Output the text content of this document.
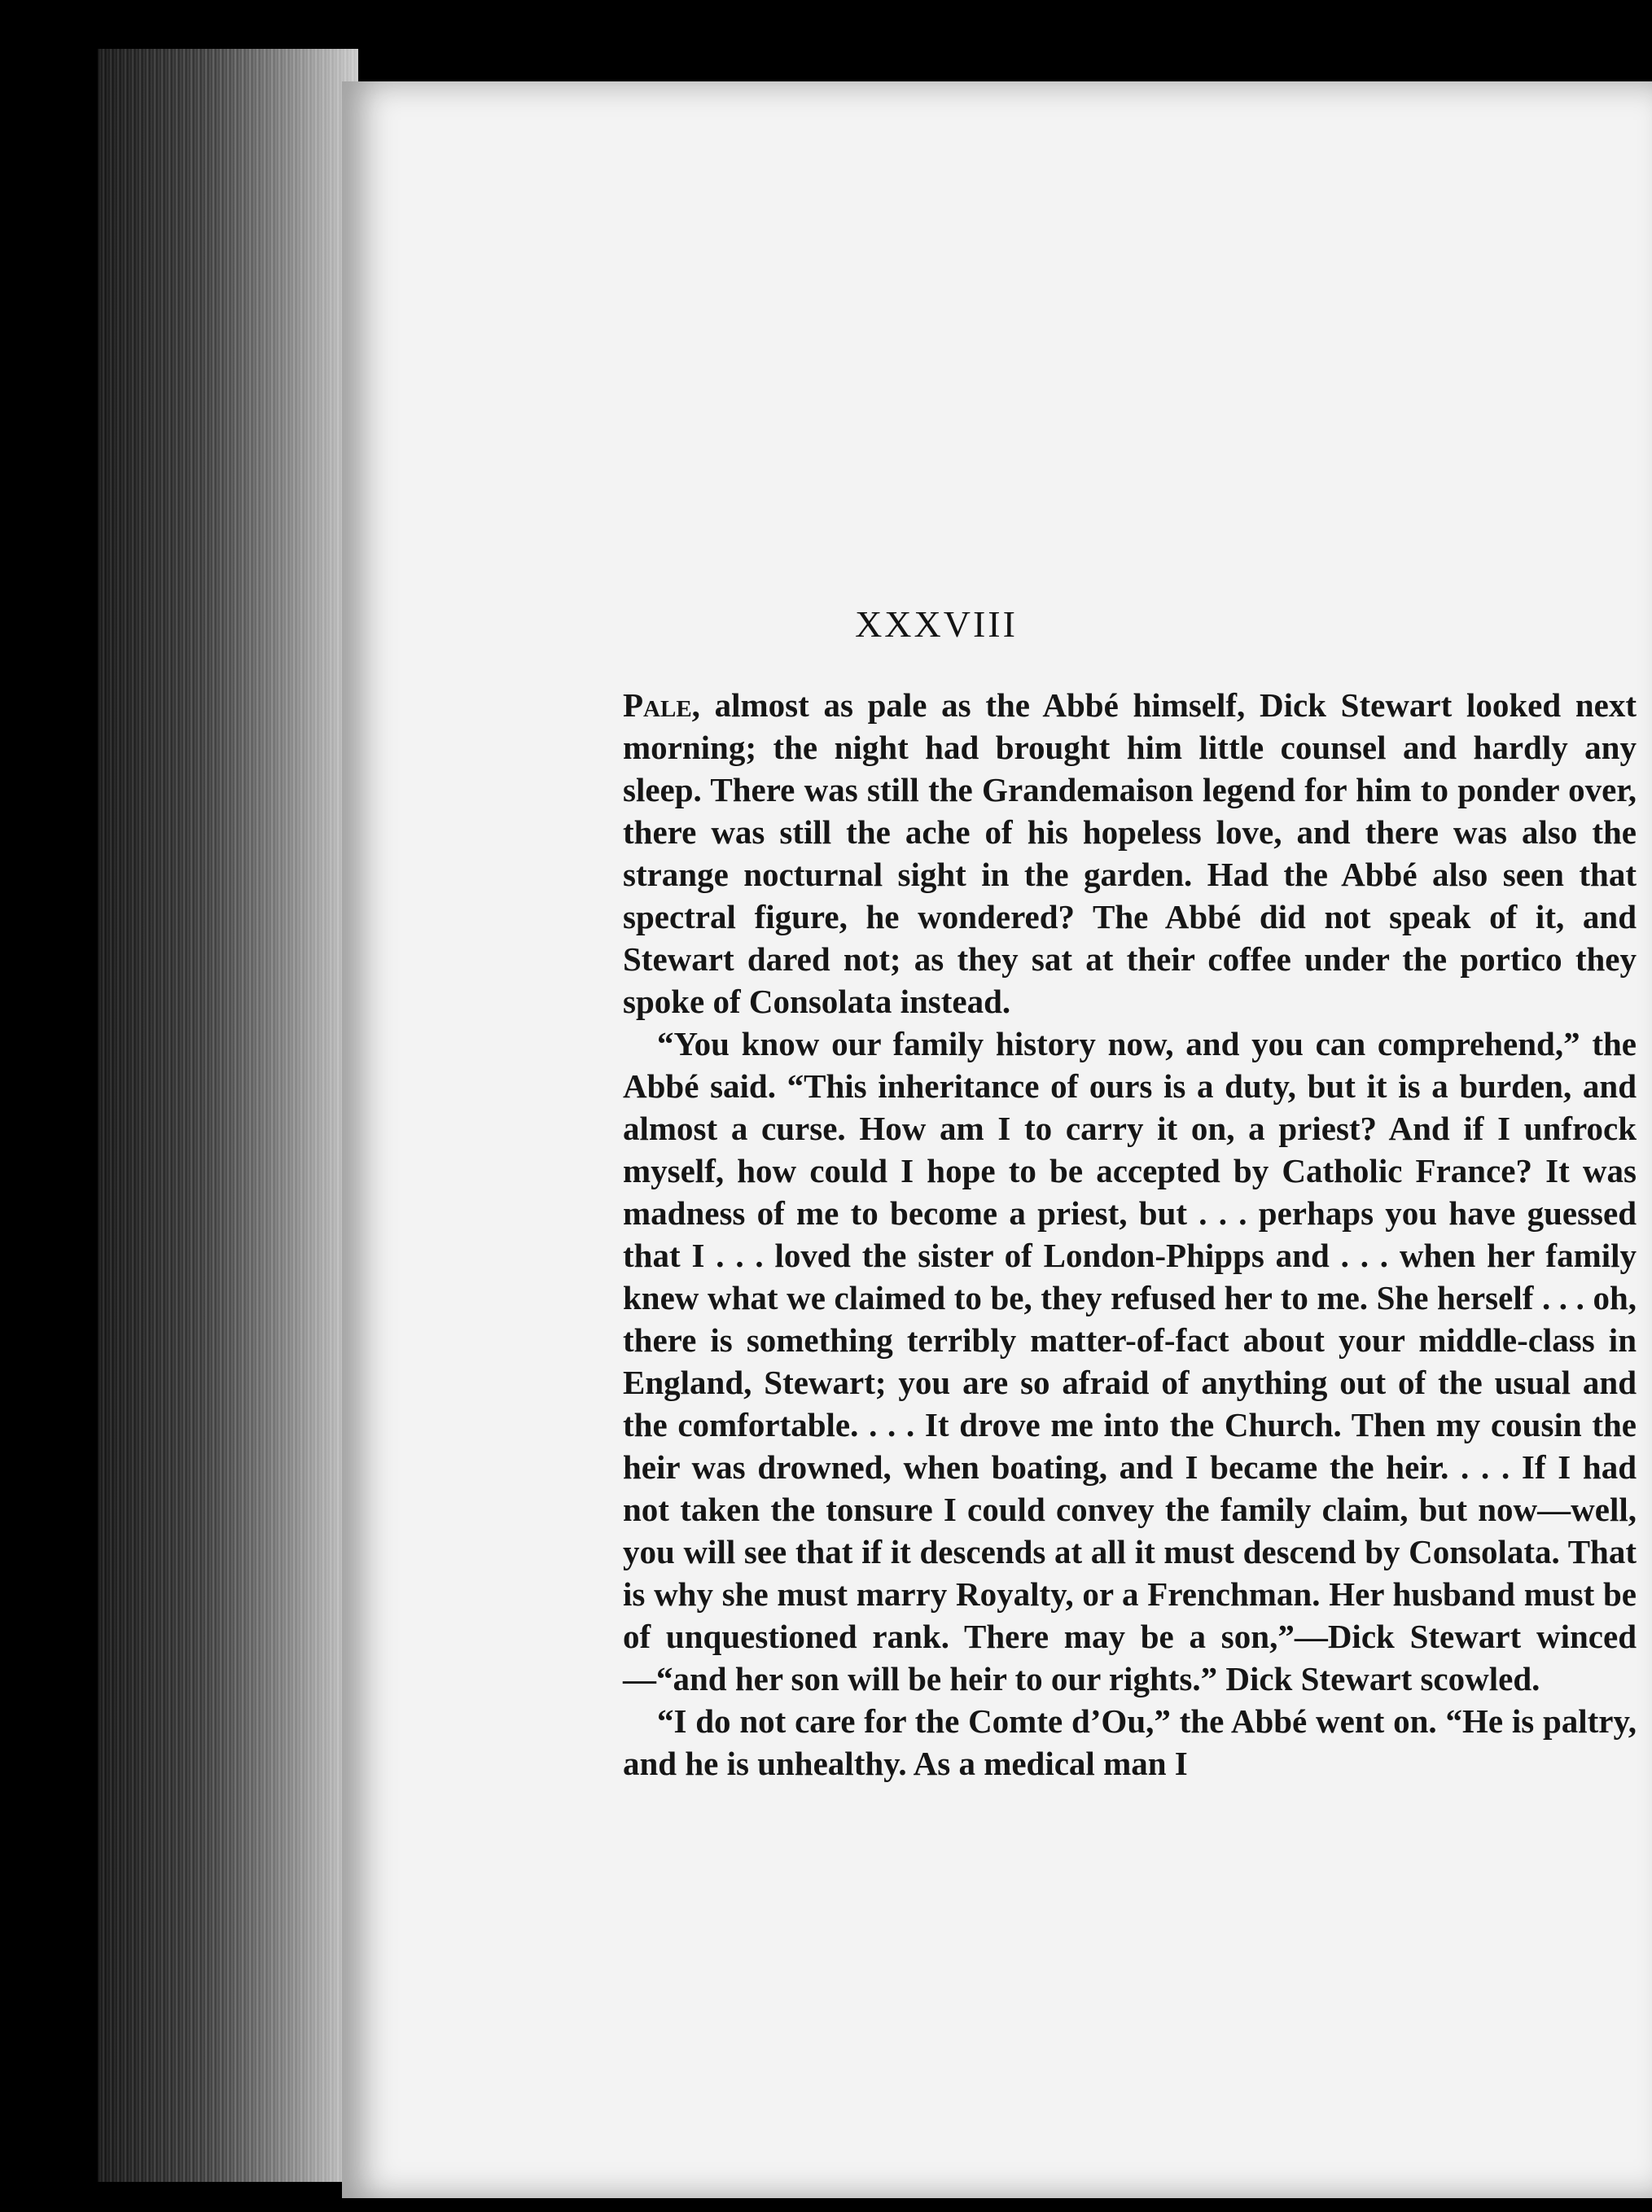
XXXVIII

Pale, almost as pale as the Abbé himself, Dick Stewart looked next morning; the night had brought him little counsel and hardly any sleep. There was still the Grandemaison legend for him to ponder over, there was still the ache of his hopeless love, and there was also the strange nocturnal sight in the garden. Had the Abbé also seen that spectral figure, he wondered? The Abbé did not speak of it, and Stewart dared not; as they sat at their coffee under the portico they spoke of Consolata instead.

“You know our family history now, and you can comprehend,” the Abbé said. “This inheritance of ours is a duty, but it is a burden, and almost a curse. How am I to carry it on, a priest? And if I unfrock myself, how could I hope to be accepted by Catholic France? It was madness of me to become a priest, but . . . perhaps you have guessed that I . . . loved the sister of London-Phipps and . . . when her family knew what we claimed to be, they refused her to me. She herself . . . oh, there is something terribly matter-of-fact about your middle-class in England, Stewart; you are so afraid of anything out of the usual and the comfortable. . . . It drove me into the Church. Then my cousin the heir was drowned, when boating, and I became the heir. . . . If I had not taken the tonsure I could convey the family claim, but now—well, you will see that if it descends at all it must descend by Consolata. That is why she must marry Royalty, or a Frenchman. Her husband must be of unquestioned rank. There may be a son,”—Dick Stewart winced—“and her son will be heir to our rights.” Dick Stewart scowled.

“I do not care for the Comte d’Ou,” the Abbé went on. “He is paltry, and he is unhealthy. As a medical man I
